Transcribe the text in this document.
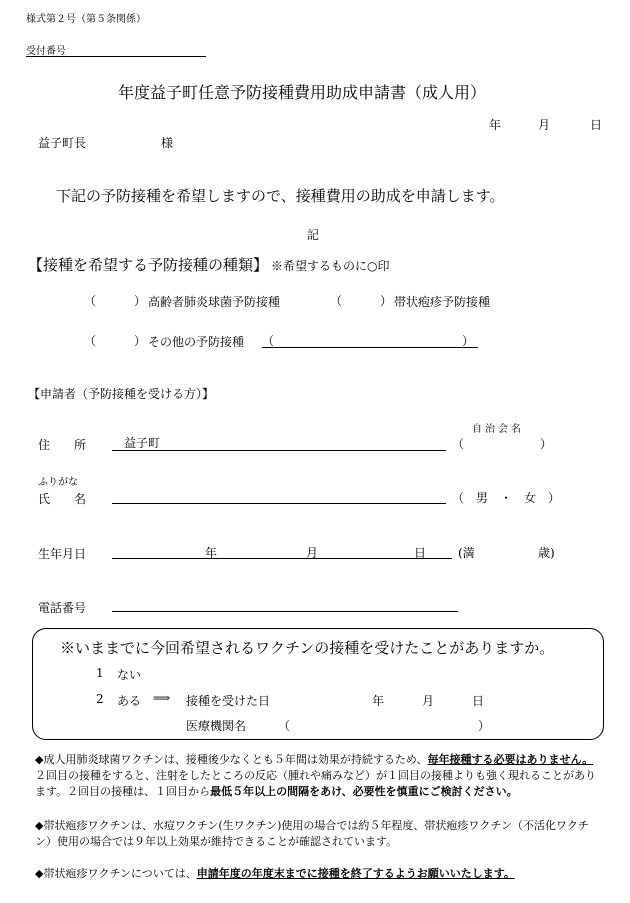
様式第２号（第５条関係）
受付番号
年度益子町任意予防接種費用助成申請書（成人用）
年	月	日
益子町長	様
下記の予防接種を希望しますので、接種費用の助成を申請します。
記
【接種を希望する予防接種の種類】 ※希望するものに○印
（	） 高齢者肺炎球菌予防接種	（	） 帯状疱疹予防接種
（	） その他の予防接種 （	）
【申請者（予防接種を受ける方）】
自治会名
住　　所	益子町	（	）
ふりがな
氏　　名	（　男　・　女　）
生年月日	年	月	日	(満	歳)
電話番号
※いままでに今回希望されるワクチンの接種を受けたことがありますか。
1 ない
2 ある ⟹ 接種を受けた日	年	月	日
医療機関名	（	）
◆成人用肺炎球菌ワクチンは、接種後少なくとも５年間は効果が持続するため、毎年接種する必要はありません。２回目の接種をすると、注射をしたところの反応（腫れや痛みなど）が１回目の接種よりも強く現れることがあります。２回目の接種は、１回目から最低５年以上の間隔をあけ、必要性を慎重にご検討ください。
◆帯状疱疹ワクチンは、水痘ワクチン(生ワクチン)使用の場合では約５年程度、帯状疱疹ワクチン（不活化ワクチン）使用の場合では９年以上効果が維持できることが確認されています。
◆帯状疱疹ワクチンについては、申請年度の年度末までに接種を終了するようお願いいたします。
